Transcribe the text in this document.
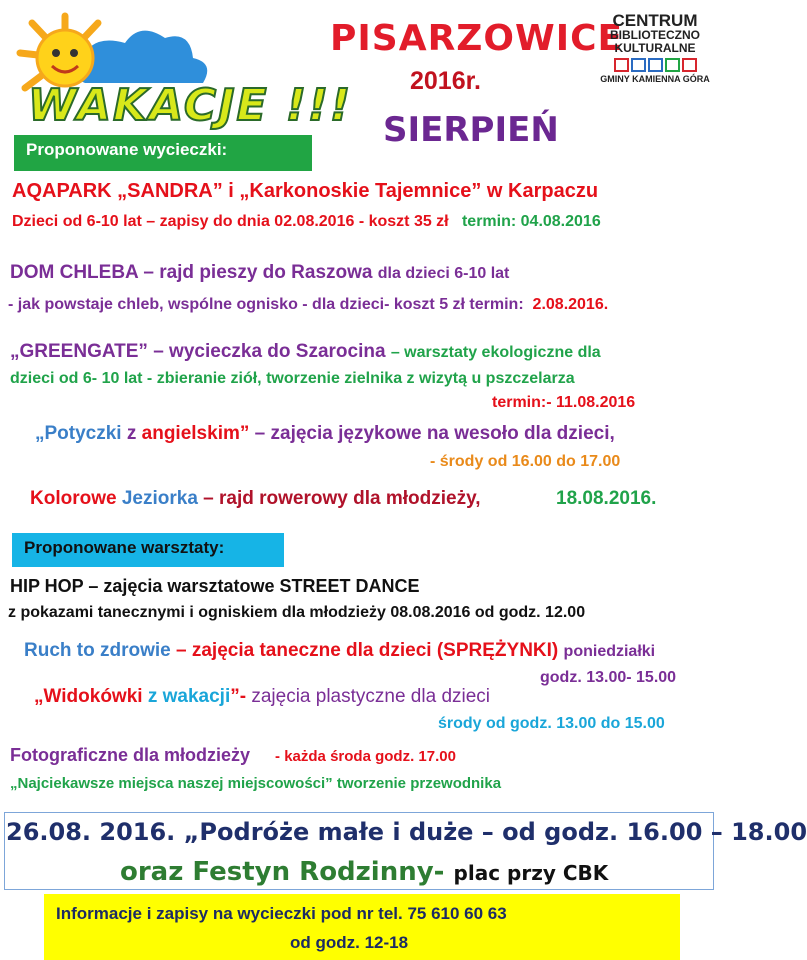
WAKACJE !!!
PISARZOWICE
2016r.
SIERPIEŃ
CENTRUM
BIBLIOTECZNO
KULTURALNE
GMINY KAMIENNA GÓRA
Proponowane wycieczki:
AQAPARK „SANDRA” i „Karkonoskie Tajemnice” w Karpaczu
Dzieci od 6-10 lat – zapisy do dnia 02.08.2016 - koszt 35 zł termin: 04.08.2016
DOM CHLEBA – rajd pieszy do Raszowa dla dzieci 6-10 lat
- jak powstaje chleb, wspólne ognisko - dla dzieci- koszt 5 zł termin: 2.08.2016.
„GREENGATE” – wycieczka do Szarocina – warsztaty ekologiczne dla
dzieci od 6- 10 lat - zbieranie ziół, tworzenie zielnika z wizytą u pszczelarza
termin:- 11.08.2016
„Potyczki z angielskim” – zajęcia językowe na wesoło dla dzieci,
- środy od 16.00 do 17.00
Kolorowe Jeziorka – rajd rowerowy dla młodzieży,	18.08.2016.
Proponowane warsztaty:
HIP HOP – zajęcia warsztatowe STREET DANCE
z pokazami tanecznymi i ogniskiem dla młodzieży 08.08.2016 od godz. 12.00
Ruch to zdrowie – zajęcia taneczne dla dzieci (SPRĘŻYNKI) poniedziałki
godz. 13.00- 15.00
„Widokówki z wakacji”- zajęcia plastyczne dla dzieci
środy od godz. 13.00 do 15.00
Fotograficzne dla młodzieży - każda środa godz. 17.00
„Najciekawsze miejsca naszej miejscowości” tworzenie przewodnika
26.08. 2016. „Podróże małe i duże – od godz. 16.00 – 18.00
oraz Festyn Rodzinny- plac przy CBK
Informacje i zapisy na wycieczki pod nr tel. 75 610 60 63
od godz. 12-18
